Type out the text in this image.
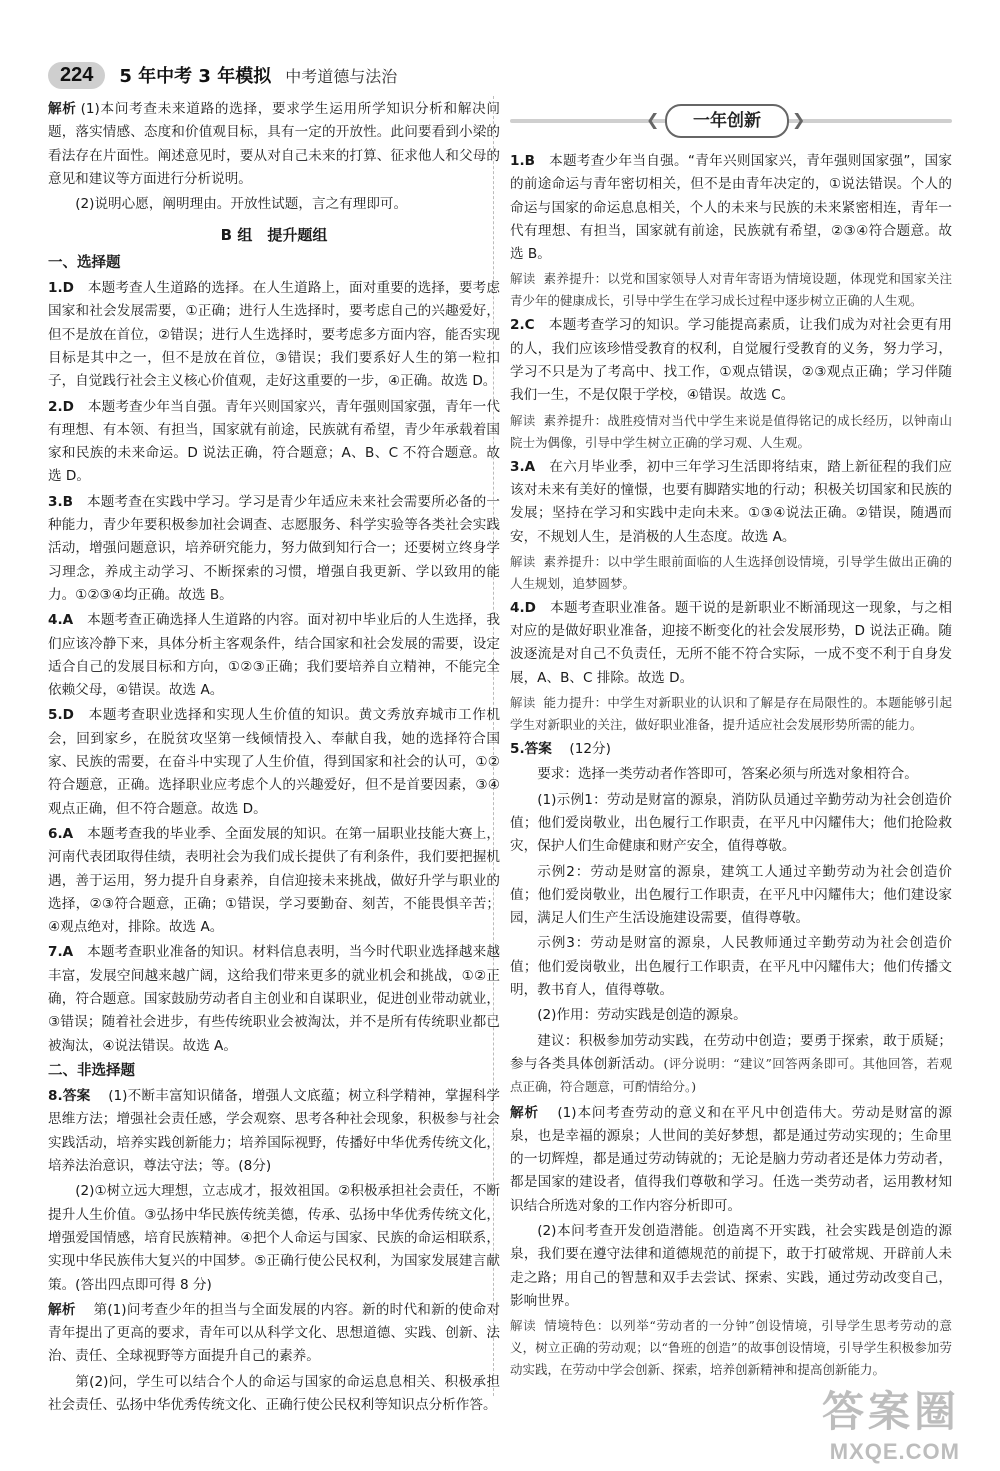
224	5 年中考 3 年模拟 中考道德与法治

解析 (1)本问考查未来道路的选择，要求学生运用所学知识分析和解决问题，落实情感、态度和价值观目标，具有一定的开放性。此问要看到小梁的看法存在片面性。阐述意见时，要从对自己未来的打算、征求他人和父母的意见和建议等方面进行分析说明。

(2)说明心愿，阐明理由。开放性试题，言之有理即可。

B 组　提升题组
一、选择题

1.D　 本题考查人生道路的选择。在人生道路上，面对重要的选择，要考虑国家和社会发展需要，①正确；进行人生选择时，要考虑自己的兴趣爱好，但不是放在首位，②错误；进行人生选择时，要考虑多方面内容，能否实现目标是其中之一，但不是放在首位，③错误；我们要系好人生的第一粒扣子，自觉践行社会主义核心价值观，走好这重要的一步，④正确。故选 D。

2.D　 本题考查少年当自强。青年兴则国家兴，青年强则国家强，青年一代有理想、有本领、有担当，国家就有前途，民族就有希望，青少年承载着国家和民族的未来命运。D 说法正确，符合题意；A、B、C 不符合题意。故选 D。

3.B　 本题考查在实践中学习。学习是青少年适应未来社会需要所必备的一种能力，青少年要积极参加社会调查、志愿服务、科学实验等各类社会实践活动，增强问题意识，培养研究能力，努力做到知行合一；还要树立终身学习理念，养成主动学习、不断探索的习惯，增强自我更新、学以致用的能力。①②③④均正确。故选 B。

4.A　 本题考查正确选择人生道路的内容。面对初中毕业后的人生选择，我们应该冷静下来，具体分析主客观条件，结合国家和社会发展的需要，设定适合自己的发展目标和方向，①②③正确；我们要培养自立精神，不能完全依赖父母，④错误。故选 A。

5.D　 本题考查职业选择和实现人生价值的知识。黄文秀放弃城市工作机会，回到家乡，在脱贫攻坚第一线倾情投入、奉献自我，她的选择符合国家、民族的需要，在奋斗中实现了人生价值，得到国家和社会的认可，①②符合题意，正确。选择职业应考虑个人的兴趣爱好，但不是首要因素，③④观点正确，但不符合题意。故选 D。

6.A　 本题考查我的毕业季、全面发展的知识。在第一届职业技能大赛上，河南代表团取得佳绩，表明社会为我们成长提供了有利条件，我们要把握机遇，善于运用，努力提升自身素养，自信迎接未来挑战，做好升学与职业的选择，②③符合题意，正确；①错误，学习要勤奋、刻苦，不能畏惧辛苦；④观点绝对，排除。故选 A。

7.A　 本题考查职业准备的知识。材料信息表明，当今时代职业选择越来越丰富，发展空间越来越广阔，这给我们带来更多的就业机会和挑战，①②正确，符合题意。国家鼓励劳动者自主创业和自谋职业，促进创业带动就业，③错误；随着社会进步，有些传统职业会被淘汰，并不是所有传统职业都已被淘汰，④说法错误。故选 A。

二、非选择题

8.答案　 (1)不断丰富知识储备，增强人文底蕴；树立科学精神，掌握科学思维方法；增强社会责任感，学会观察、思考各种社会现象，积极参与社会实践活动，培养实践创新能力；培养国际视野，传播好中华优秀传统文化，培养法治意识，尊法守法；等。(8分)

(2)①树立远大理想，立志成才，报效祖国。②积极承担社会责任，不断提升人生价值。③弘扬中华民族传统美德，传承、弘扬中华优秀传统文化，增强爱国情感，培育民族精神。④把个人命运与国家、民族的命运相联系，实现中华民族伟大复兴的中国梦。⑤正确行使公民权利，为国家发展建言献策。(答出四点即可得 8 分)

解析　 第(1)问考查少年的担当与全面发展的内容。新的时代和新的使命对青年提出了更高的要求，青年可以从科学文化、思想道德、实践、创新、法治、责任、全球视野等方面提升自己的素养。

第(2)问，学生可以结合个人的命运与国家的命运息息相关、积极承担社会责任、弘扬中华优秀传统文化、正确行使公民权利等知识点分析作答。

❮	一年创新	❯

1.B　 本题考查少年当自强。“青年兴则国家兴，青年强则国家强”，国家的前途命运与青年密切相关，但不是由青年决定的，①说法错误。个人的命运与国家的命运息息相关，个人的未来与民族的未来紧密相连，青年一代有理想、有担当，国家就有前途，民族就有希望，②③④符合题意。故选 B。

解读 素养提升：以党和国家领导人对青年寄语为情境设题，体现党和国家关注青少年的健康成长，引导中学生在学习成长过程中逐步树立正确的人生观。

2.C　 本题考查学习的知识。学习能提高素质，让我们成为对社会更有用的人，我们应该珍惜受教育的权利，自觉履行受教育的义务，努力学习，学习不只是为了考高中、找工作，①观点错误，②③观点正确；学习伴随我们一生，不是仅限于学校，④错误。故选 C。

解读 素养提升：战胜疫情对当代中学生来说是值得铭记的成长经历，以钟南山院士为偶像，引导中学生树立正确的学习观、人生观。

3.A　 在六月毕业季，初中三年学习生活即将结束，踏上新征程的我们应该对未来有美好的憧憬，也要有脚踏实地的行动；积极关切国家和民族的发展；坚持在学习和实践中走向未来。①③④说法正确。②错误，随遇而安，不规划人生，是消极的人生态度。故选 A。

解读 素养提升：以中学生眼前面临的人生选择创设情境，引导学生做出正确的人生规划，追梦圆梦。

4.D　 本题考查职业准备。题干说的是新职业不断涌现这一现象，与之相对应的是做好职业准备，迎接不断变化的社会发展形势，D 说法正确。随波逐流是对自己不负责任，无所不能不符合实际，一成不变不利于自身发展，A、B、C 排除。故选 D。

解读 能力提升：中学生对新职业的认识和了解是存在局限性的。本题能够引起学生对新职业的关注，做好职业准备，提升适应社会发展形势所需的能力。

5.答案　 (12分)

要求：选择一类劳动者作答即可，答案必须与所选对象相符合。

(1)示例1：劳动是财富的源泉，消防队员通过辛勤劳动为社会创造价值；他们爱岗敬业，出色履行工作职责，在平凡中闪耀伟大；他们抢险救灾，保护人们生命健康和财产安全，值得尊敬。

示例2：劳动是财富的源泉，建筑工人通过辛勤劳动为社会创造价值；他们爱岗敬业，出色履行工作职责，在平凡中闪耀伟大；他们建设家园，满足人们生产生活设施建设需要，值得尊敬。

示例3：劳动是财富的源泉，人民教师通过辛勤劳动为社会创造价值；他们爱岗敬业，出色履行工作职责，在平凡中闪耀伟大；他们传播文明，教书育人，值得尊敬。

(2)作用：劳动实践是创造的源泉。

建议：积极参加劳动实践，在劳动中创造；要勇于探索，敢于质疑；参与各类具体创新活动。(评分说明：“建议”回答两条即可。其他回答，若观点正确，符合题意，可酌情给分。)

解析　 (1)本问考查劳动的意义和在平凡中创造伟大。劳动是财富的源泉，也是幸福的源泉；人世间的美好梦想，都是通过劳动实现的；生命里的一切辉煌，都是通过劳动铸就的；无论是脑力劳动者还是体力劳动者，都是国家的建设者，值得我们尊敬和学习。任选一类劳动者，运用教材知识结合所选对象的工作内容分析即可。

(2)本问考查开发创造潜能。创造离不开实践，社会实践是创造的源泉，我们要在遵守法律和道德规范的前提下，敢于打破常规、开辟前人未走之路；用自己的智慧和双手去尝试、探索、实践，通过劳动改变自己，影响世界。

解读 情境特色：以列举“劳动者的一分钟”创设情境，引导学生思考劳动的意义，树立正确的劳动观；以“鲁班的创造”的故事创设情境，引导学生积极参加劳动实践，在劳动中学会创新、探索，培养创新精神和提高创新能力。

答案圈
MXQE.COM
